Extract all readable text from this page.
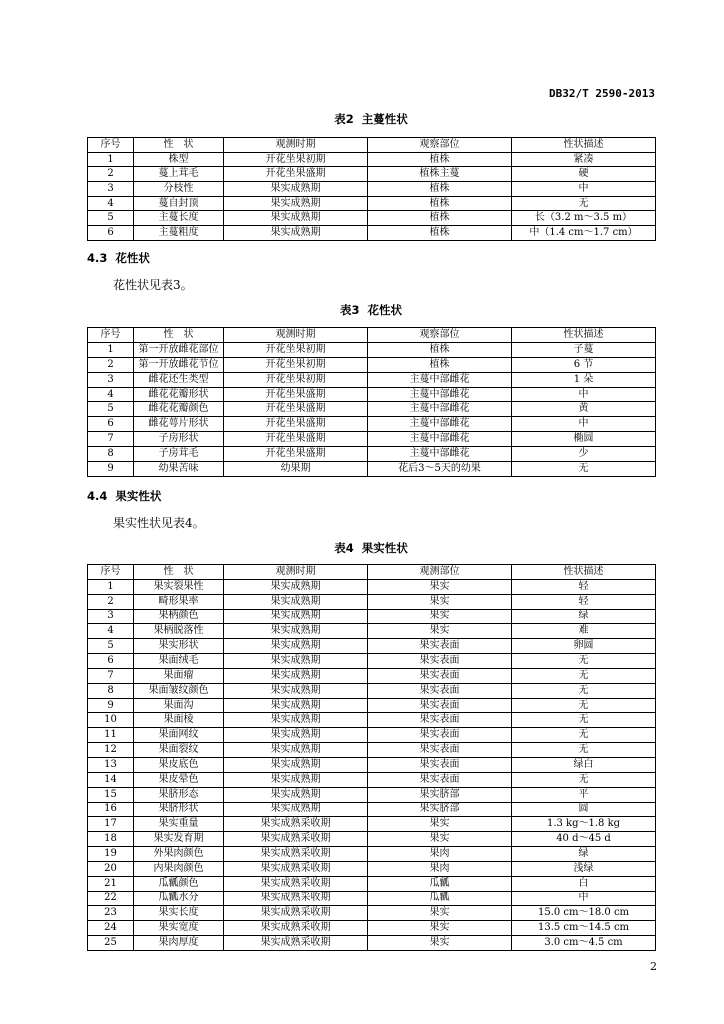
DB32/T 2590-2013
表2  主蔓性状
序号	性　状	观测时期	观察部位	性状描述
1	株型	开花坐果初期	植株	紧凑
2	蔓上茸毛	开花坐果盛期	植株主蔓	硬
3	分枝性	果实成熟期	植株	中
4	蔓自封顶	果实成熟期	植株	无
5	主蔓长度	果实成熟期	植株	长（3.2 m～3.5 m）
6	主蔓粗度	果实成熟期	植株	中（1.4 cm～1.7 cm）
4.3  花性状
花性状见表3。
表3  花性状
序号	性　状	观测时期	观察部位	性状描述
1	第一开放雌花部位	开花坐果初期	植株	子蔓
2	第一开放雌花节位	开花坐果初期	植株	6 节
3	雌花还生类型	开花坐果初期	主蔓中部雌花	1 朵
4	雌花花瓣形状	开花坐果盛期	主蔓中部雌花	中
5	雌花花瓣颜色	开花坐果盛期	主蔓中部雌花	黄
6	雌花萼片形状	开花坐果盛期	主蔓中部雌花	中
7	子房形状	开花坐果盛期	主蔓中部雌花	椭圆
8	子房茸毛	开花坐果盛期	主蔓中部雌花	少
9	幼果苦味	幼果期	花后3～5天的幼果	无
4.4  果实性状
果实性状见表4。
表4  果实性状
序号	性　状	观测时期	观测部位	性状描述
1	果实裂果性	果实成熟期	果实	轻
2	畸形果率	果实成熟期	果实	轻
3	果柄颜色	果实成熟期	果实	绿
4	果柄脱落性	果实成熟期	果实	难
5	果实形状	果实成熟期	果实表面	卵圆
6	果面绒毛	果实成熟期	果实表面	无
7	果面瘤	果实成熟期	果实表面	无
8	果面皱纹颜色	果实成熟期	果实表面	无
9	果面沟	果实成熟期	果实表面	无
10	果面棱	果实成熟期	果实表面	无
11	果面网纹	果实成熟期	果实表面	无
12	果面裂纹	果实成熟期	果实表面	无
13	果皮底色	果实成熟期	果实表面	绿白
14	果皮晕色	果实成熟期	果实表面	无
15	果脐形态	果实成熟期	果实脐部	平
16	果脐形状	果实成熟期	果实脐部	圆
17	果实重量	果实成熟采收期	果实	1.3 kg～1.8 kg
18	果实发育期	果实成熟采收期	果实	40 d～45 d
19	外果肉颜色	果实成熟采收期	果肉	绿
20	内果肉颜色	果实成熟采收期	果肉	浅绿
21	瓜瓤颜色	果实成熟采收期	瓜瓤	白
22	瓜瓤水分	果实成熟采收期	瓜瓤	中
23	果实长度	果实成熟采收期	果实	15.0 cm～18.0 cm
24	果实宽度	果实成熟采收期	果实	13.5 cm～14.5 cm
25	果肉厚度	果实成熟采收期	果实	3.0 cm～4.5 cm
2
